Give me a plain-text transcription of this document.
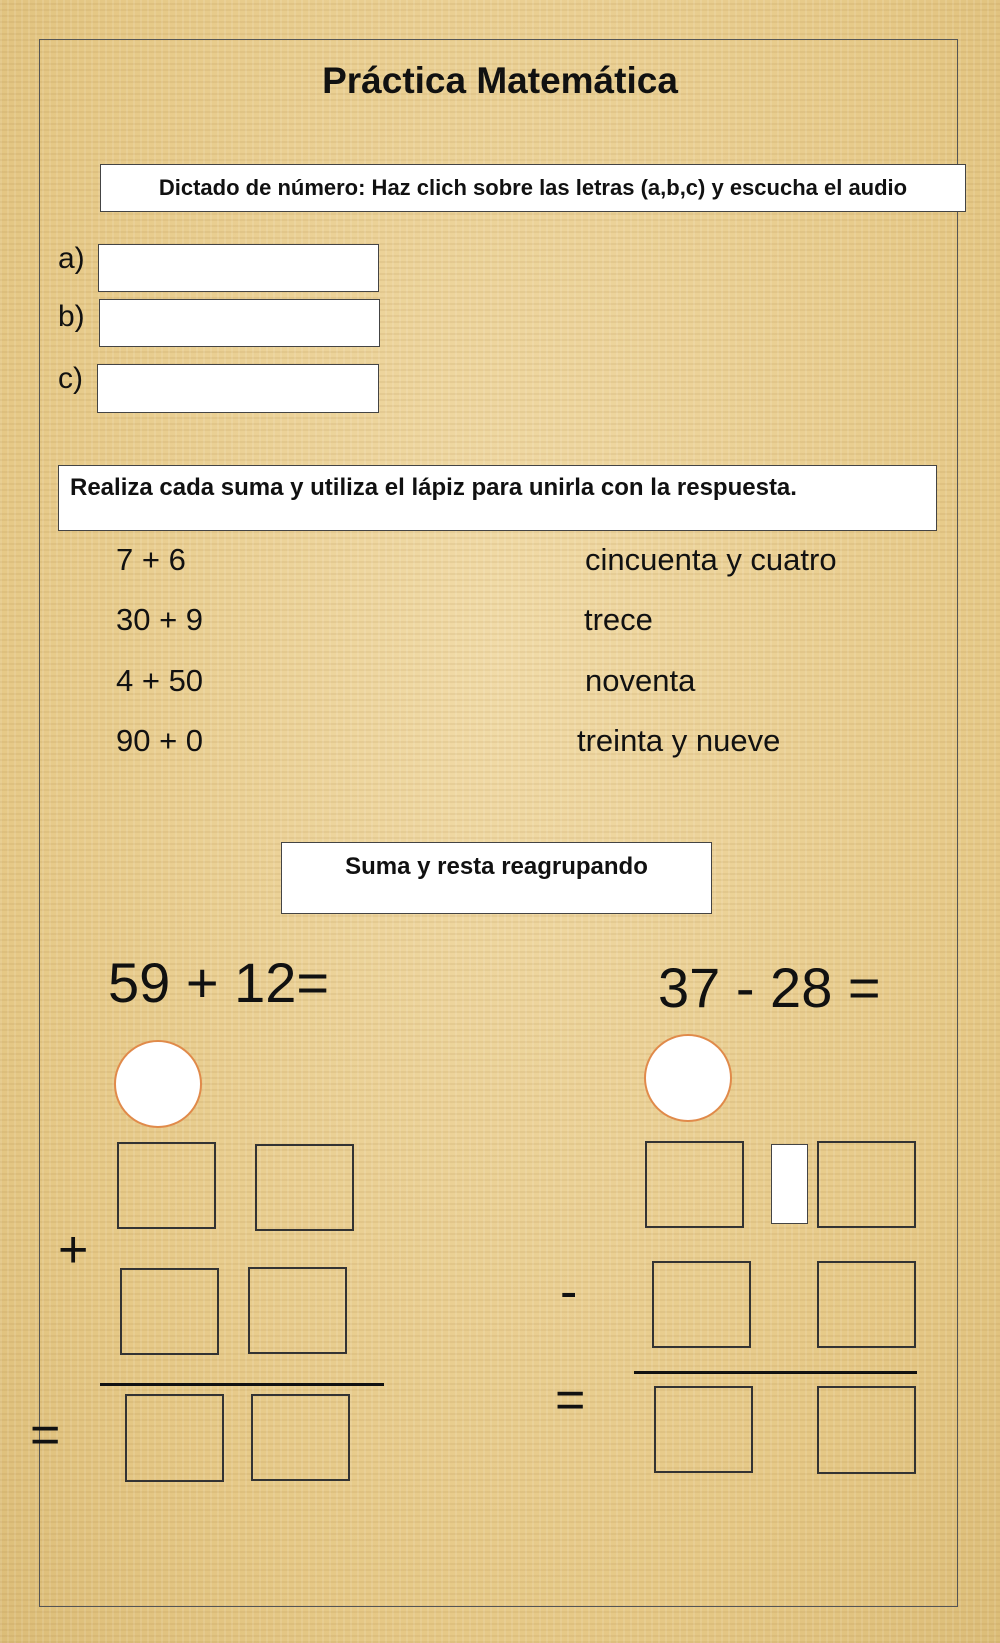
Práctica Matemática
Dictado de número: Haz clich sobre las letras (a,b,c) y escucha el audio
a)
b)
c)
Realiza cada suma y utiliza el lápiz para unirla con la respuesta.
7 + 6
30 + 9
4 + 50
90 + 0
cincuenta y cuatro
trece
noventa
treinta y nueve
Suma y resta reagrupando
59 + 12=
+
=
37 - 28 =
-
=
